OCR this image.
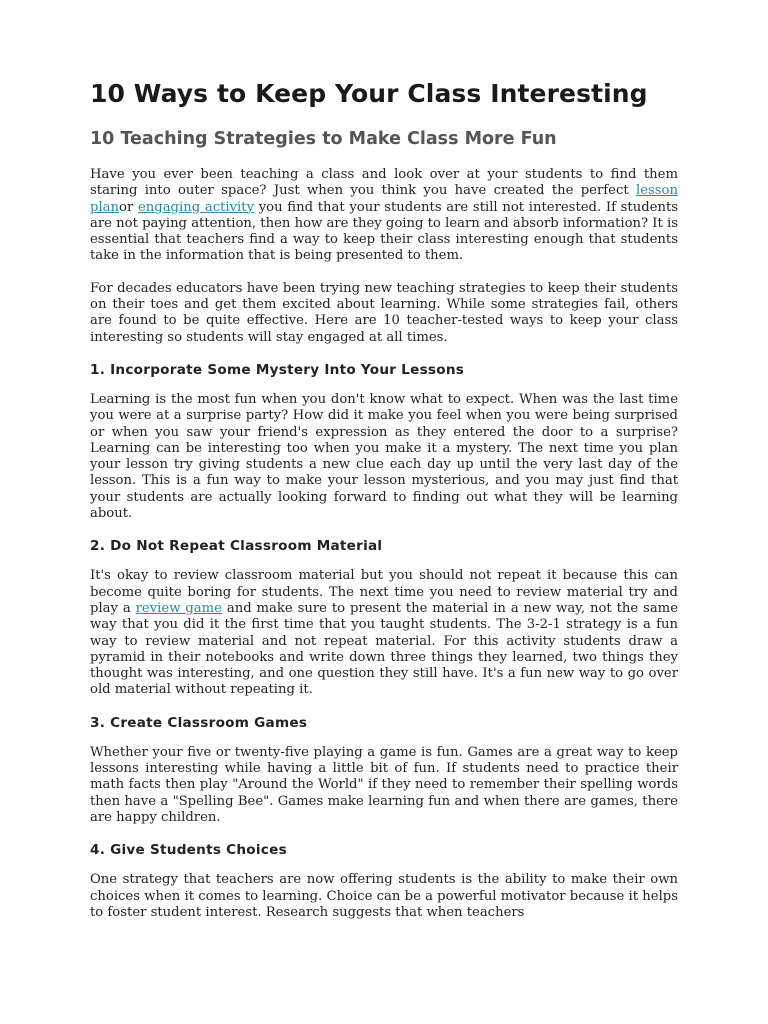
10 Ways to Keep Your Class Interesting
10 Teaching Strategies to Make Class More Fun

Have you ever been teaching a class and look over at your students to find them staring into outer space? Just when you think you have created the perfect lesson planor engaging activity you find that your students are still not interested. If students are not paying attention, then how are they going to learn and absorb information? It is essential that teachers find a way to keep their class interesting enough that students take in the information that is being presented to them.

For decades educators have been trying new teaching strategies to keep their students on their toes and get them excited about learning. While some strategies fail, others are found to be quite effective. Here are 10 teacher-tested ways to keep your class interesting so students will stay engaged at all times.

1. Incorporate Some Mystery Into Your Lessons

Learning is the most fun when you don't know what to expect. When was the last time you were at a surprise party? How did it make you feel when you were being surprised or when you saw your friend's expression as they entered the door to a surprise? Learning can be interesting too when you make it a mystery. The next time you plan your lesson try giving students a new clue each day up until the very last day of the lesson. This is a fun way to make your lesson mysterious, and you may just find that your students are actually looking forward to finding out what they will be learning about.

2. Do Not Repeat Classroom Material

It's okay to review classroom material but you should not repeat it because this can become quite boring for students. The next time you need to review material try and play a review game and make sure to present the material in a new way, not the same way that you did it the first time that you taught students. The 3-2-1 strategy is a fun way to review material and not repeat material. For this activity students draw a pyramid in their notebooks and write down three things they learned, two things they thought was interesting, and one question they still have. It's a fun new way to go over old material without repeating it.

3. Create Classroom Games

Whether your five or twenty-five playing a game is fun. Games are a great way to keep lessons interesting while having a little bit of fun. If students need to practice their math facts then play "Around the World" if they need to remember their spelling words then have a "Spelling Bee". Games make learning fun and when there are games, there are happy children.

4. Give Students Choices

One strategy that teachers are now offering students is the ability to make their own choices when it comes to learning. Choice can be a powerful motivator because it helps to foster student interest. Research suggests that when teachers
